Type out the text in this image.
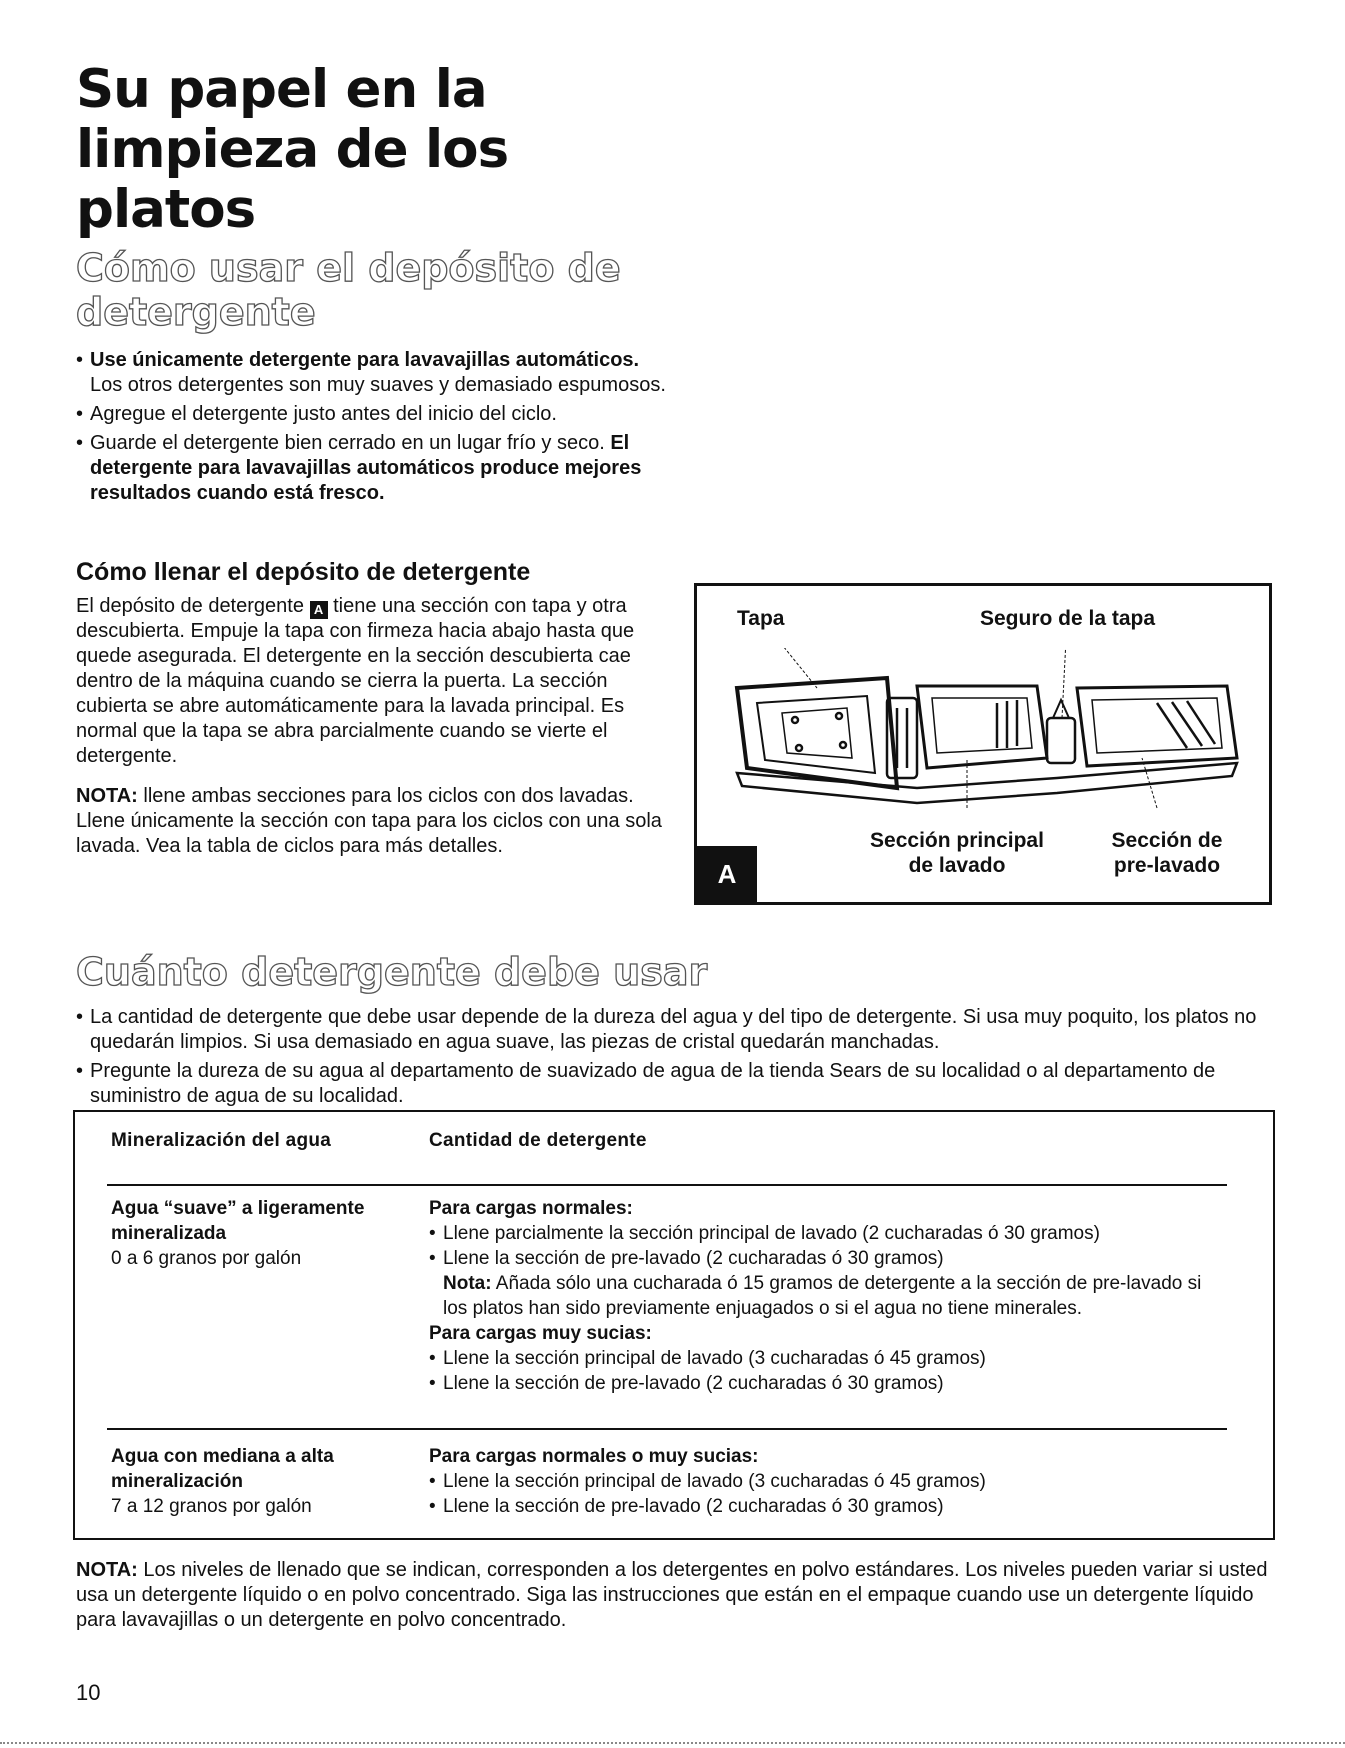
Su papel en la limpieza de los platos
Cómo usar el depósito de detergente
• Use únicamente detergente para lavavajillas automáticos. Los otros detergentes son muy suaves y demasiado espumosos.
• Agregue el detergente justo antes del inicio del ciclo.
• Guarde el detergente bien cerrado en un lugar frío y seco. El detergente para lavavajillas automáticos produce mejores resultados cuando está fresco.
Cómo llenar el depósito de detergente

El depósito de detergente A tiene una sección con tapa y otra descubierta. Empuje la tapa con firmeza hacia abajo hasta que quede asegurada. El detergente en la sección descubierta cae dentro de la máquina cuando se cierra la puerta. La sección cubierta se abre automáticamente para la lavada principal. Es normal que la tapa se abra parcialmente cuando se vierte el detergente.

NOTA: llene ambas secciones para los ciclos con dos lavadas. Llene únicamente la sección con tapa para los ciclos con una sola lavada. Vea la tabla de ciclos para más detalles.

Tapa	Seguro de la tapa
Sección principal de lavado
Sección de pre-lavado
A
Cuánto detergente debe usar
• La cantidad de detergente que debe usar depende de la dureza del agua y del tipo de detergente. Si usa muy poquito, los platos no quedarán limpios. Si usa demasiado en agua suave, las piezas de cristal quedarán manchadas.
• Pregunte la dureza de su agua al departamento de suavizado de agua de la tienda Sears de su localidad o al departamento de suministro de agua de su localidad.
Mineralización del agua	Cantidad de detergente
Agua “suave” a ligeramente mineralizada
0 a 6 granos por galón
Para cargas normales:
• Llene parcialmente la sección principal de lavado (2 cucharadas ó 30 gramos)
• Llene la sección de pre-lavado (2 cucharadas ó 30 gramos)
Nota: Añada sólo una cucharada ó 15 gramos de detergente a la sección de pre-lavado si los platos han sido previamente enjuagados o si el agua no tiene minerales.
Para cargas muy sucias:
• Llene la sección principal de lavado (3 cucharadas ó 45 gramos)
• Llene la sección de pre-lavado (2 cucharadas ó 30 gramos)
Agua con mediana a alta mineralización
7 a 12 granos por galón
Para cargas normales o muy sucias:
• Llene la sección principal de lavado (3 cucharadas ó 45 gramos)
• Llene la sección de pre-lavado (2 cucharadas ó 30 gramos)

NOTA: Los niveles de llenado que se indican, corresponden a los detergentes en polvo estándares. Los niveles pueden variar si usted usa un detergente líquido o en polvo concentrado. Siga las instrucciones que están en el empaque cuando use un detergente líquido para lavavajillas o un detergente en polvo concentrado.

10
